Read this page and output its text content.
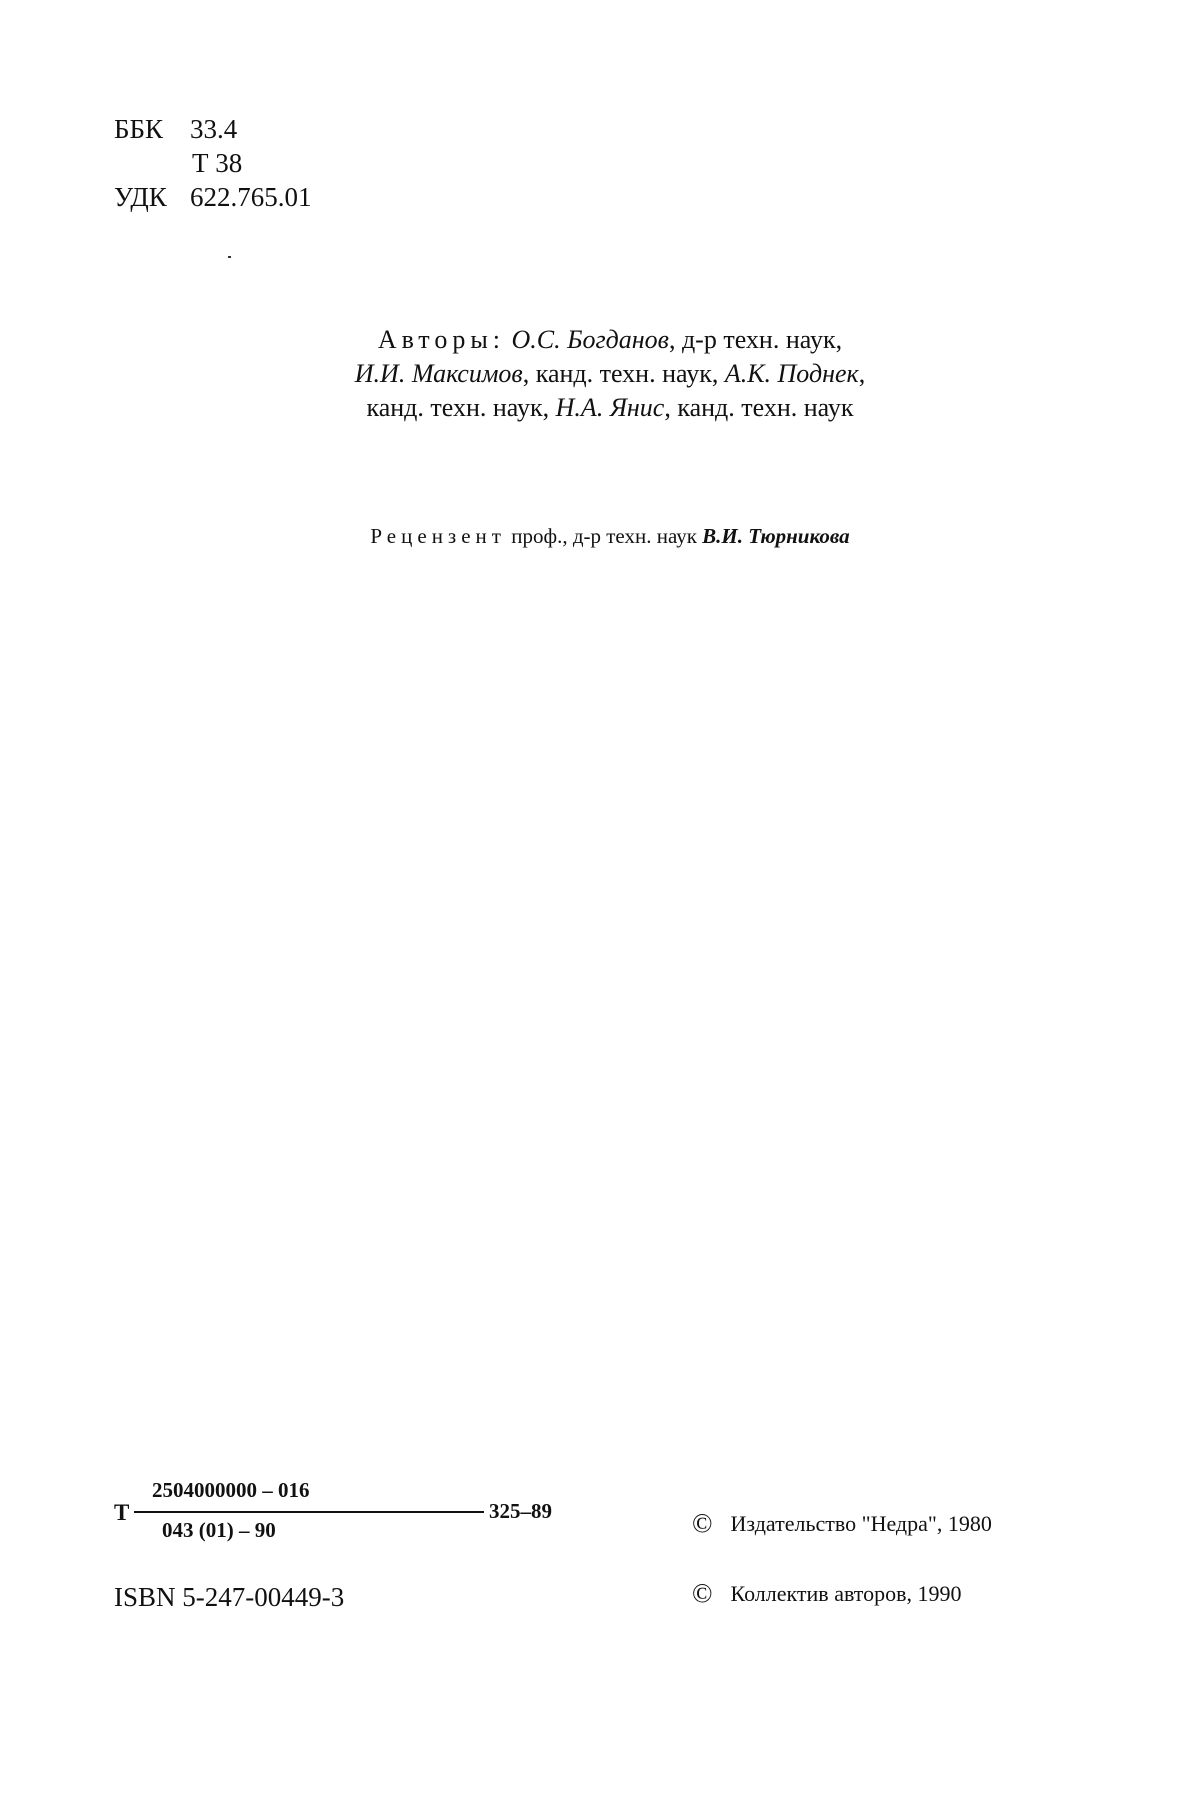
ББК 33.4
Т 38
УДК 622.765.01
Авторы: О.С. Богданов, д-р техн. наук,
И.И. Максимов, канд. техн. наук, А.К. Поднек,
канд. техн. наук, Н.А. Янис, канд. техн. наук
Рецензент проф., д-р техн. наук В.И. Тюрникова
Т
2504000000 – 016
043 (01) – 90
325–89
ISBN 5-247-00449-3
© Издательство "Недра", 1980
© Коллектив авторов, 1990
